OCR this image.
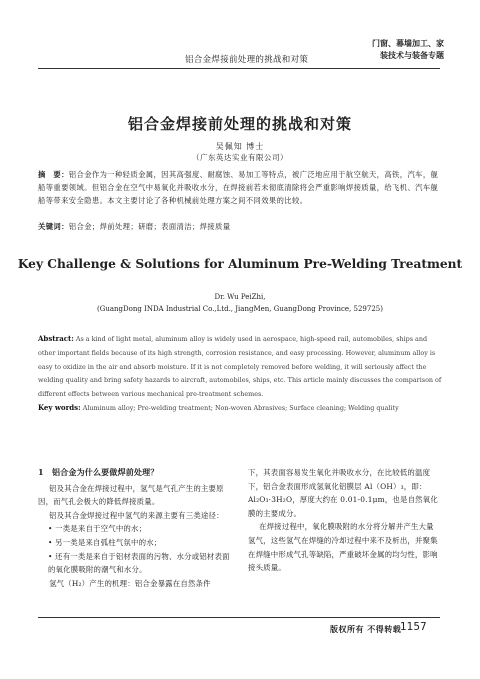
铝合金焊接前处理的挑战和对策
门窗、幕墙加工、家
装技术与装备专题
铝合金焊接前处理的挑战和对策
吴佩知 博士
（广东英达实业有限公司）
摘　要：铝合金作为一种轻质金属，因其高强度、耐腐蚀、易加工等特点，被广泛地应用于航空航天，高铁，汽车，舰船等重要领域。但铝合金在空气中易氧化并吸收水分，在焊接前若未彻底清除将会严重影响焊接质量，给飞机、汽车舰船等带来安全隐患。本文主要讨论了各种机械前处理方案之间不同效果的比较。
关键词：铝合金；焊前处理；研磨；表面清洁；焊接质量
Key Challenge & Solutions for Aluminum Pre-Welding Treatment
Dr. Wu PeiZhi,
(GuangDong INDA Industrial Co.,Ltd., JiangMen, GuangDong Province, 529725)
Abstract: As a kind of light metal, aluminum alloy is widely used in aerospace, high-speed rail, automobiles, ships and other important fields because of its high strength, corrosion resistance, and easy processing. However, aluminum alloy is easy to oxidize in the air and absorb moisture. If it is not completely removed before welding, it will seriously affect the welding quality and bring safety hazards to aircraft, automobiles, ships, etc. This article mainly discusses the comparison of different effects between various mechanical pre-treatment schemes.
Key words: Aluminum alloy; Pre-welding treatment; Non-woven Abrasives; Surface cleaning; Welding quality
1　铝合金为什么要做焊前处理？
铝及其合金在焊接过程中，氢气是气孔产生的主要原因，而气孔会极大的降低焊接质量。
铝及其合金焊接过程中氢气的来源主要有三类途径：
• 一类是来自于空气中的水；
• 另一类是来自弧柱气氛中的水；
• 还有一类是来自于铝材表面的污物、水分或铝材表面的氧化膜吸附的潮气和水分。
氢气（H₂）产生的机理：铝合金暴露在自然条件
下，其表面容易发生氧化并吸收水分，在比较低的温度下，铝合金表面形成氢氧化铝膜层 Al（OH）₃，即：Al₂O₃·3H₂O，厚度大约在 0.01-0.1μm，也是自然氧化膜的主要成分。
在焊接过程中，氧化膜吸附的水分将分解并产生大量氢气，这些氢气在焊缝的冷却过程中来不及析出，并聚集在焊缝中形成气孔等缺陷，严重破坏金属的均匀性，影响接头质量。
版权所有 不得转载
1157
